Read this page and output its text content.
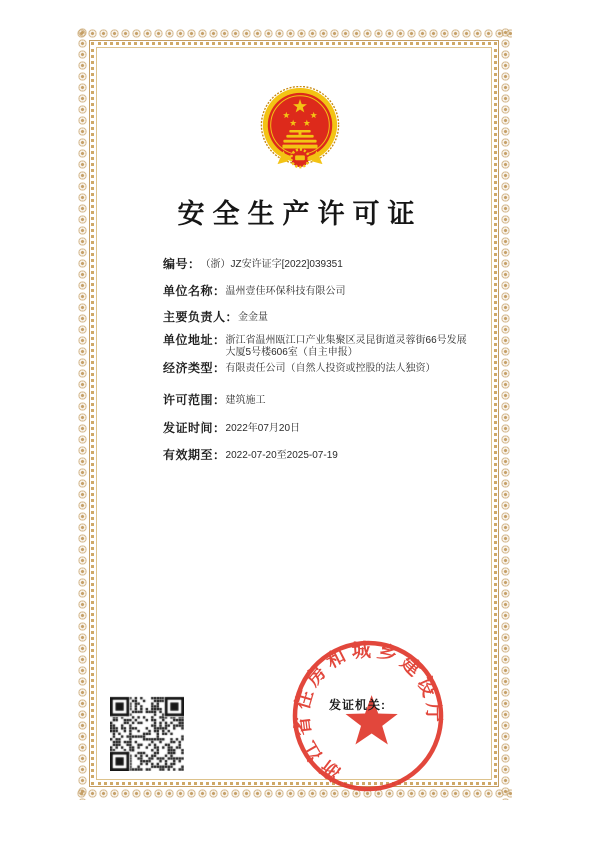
安全生产许可证
编号： （浙）JZ安许证字[2022]039351
单位名称： 温州壹佳环保科技有限公司
主要负责人： 金金量
单位地址： 浙江省温州瓯江口产业集聚区灵昆街道灵蓉街66号发展大厦5号楼606室（自主申报）
经济类型： 有限责任公司（自然人投资或控股的法人独资）
许可范围： 建筑施工
发证时间： 2022年07月20日
有效期至： 2022-07-20至2025-07-19
发证机关:
浙江省住房和城乡建设厅
